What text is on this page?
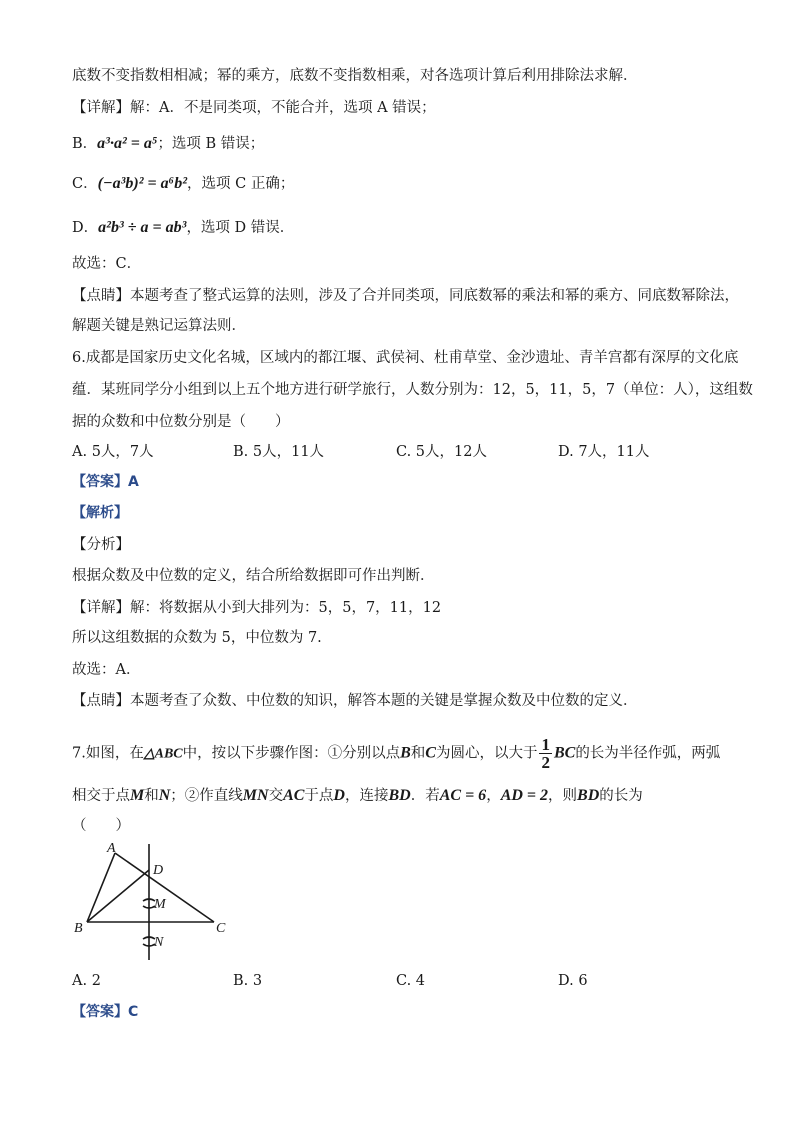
底数不变指数相相减；幂的乘方，底数不变指数相乘，对各选项计算后利用排除法求解．
【详解】解：A．不是同类项，不能合并，选项 A 错误；
B．a³·a² = a⁵；选项 B 错误；
C．(−a³b)² = a⁶b²，选项 C 正确；
D．a²b³ ÷ a = ab³，选项 D 错误．
故选：C．
【点睛】本题考查了整式运算的法则，涉及了合并同类项，同底数幂的乘法和幂的乘方、同底数幂除法，
解题关键是熟记运算法则．
6.成都是国家历史文化名城，区域内的都江堰、武侯祠、杜甫草堂、金沙遗址、青羊宫都有深厚的文化底
蕴．某班同学分小组到以上五个地方进行研学旅行，人数分别为：12，5，11，5，7（单位：人），这组数
据的众数和中位数分别是（　　）
A. 5人，7人	B. 5人，11人	C. 5人，12人	D. 7人，11人
【答案】A
【解析】
【分析】
根据众数及中位数的定义，结合所给数据即可作出判断．
【详解】解：将数据从小到大排列为：5，5，7，11，12
所以这组数据的众数为 5，中位数为 7.
故选：A．
【点睛】本题考查了众数、中位数的知识，解答本题的关键是掌握众数及中位数的定义．
7.如图，在△ABC中，按以下步骤作图：①分别以点B和C为圆心，以大于 $\frac{1}{2}$ BC的长为半径作弧，两弧
相交于点M和N；②作直线MN交AC于点D，连接BD．若AC = 6，AD = 2，则BD的长为
（　　）
A
B	C
D
M
N
A. 2	B. 3	C. 4	D. 6
【答案】C
